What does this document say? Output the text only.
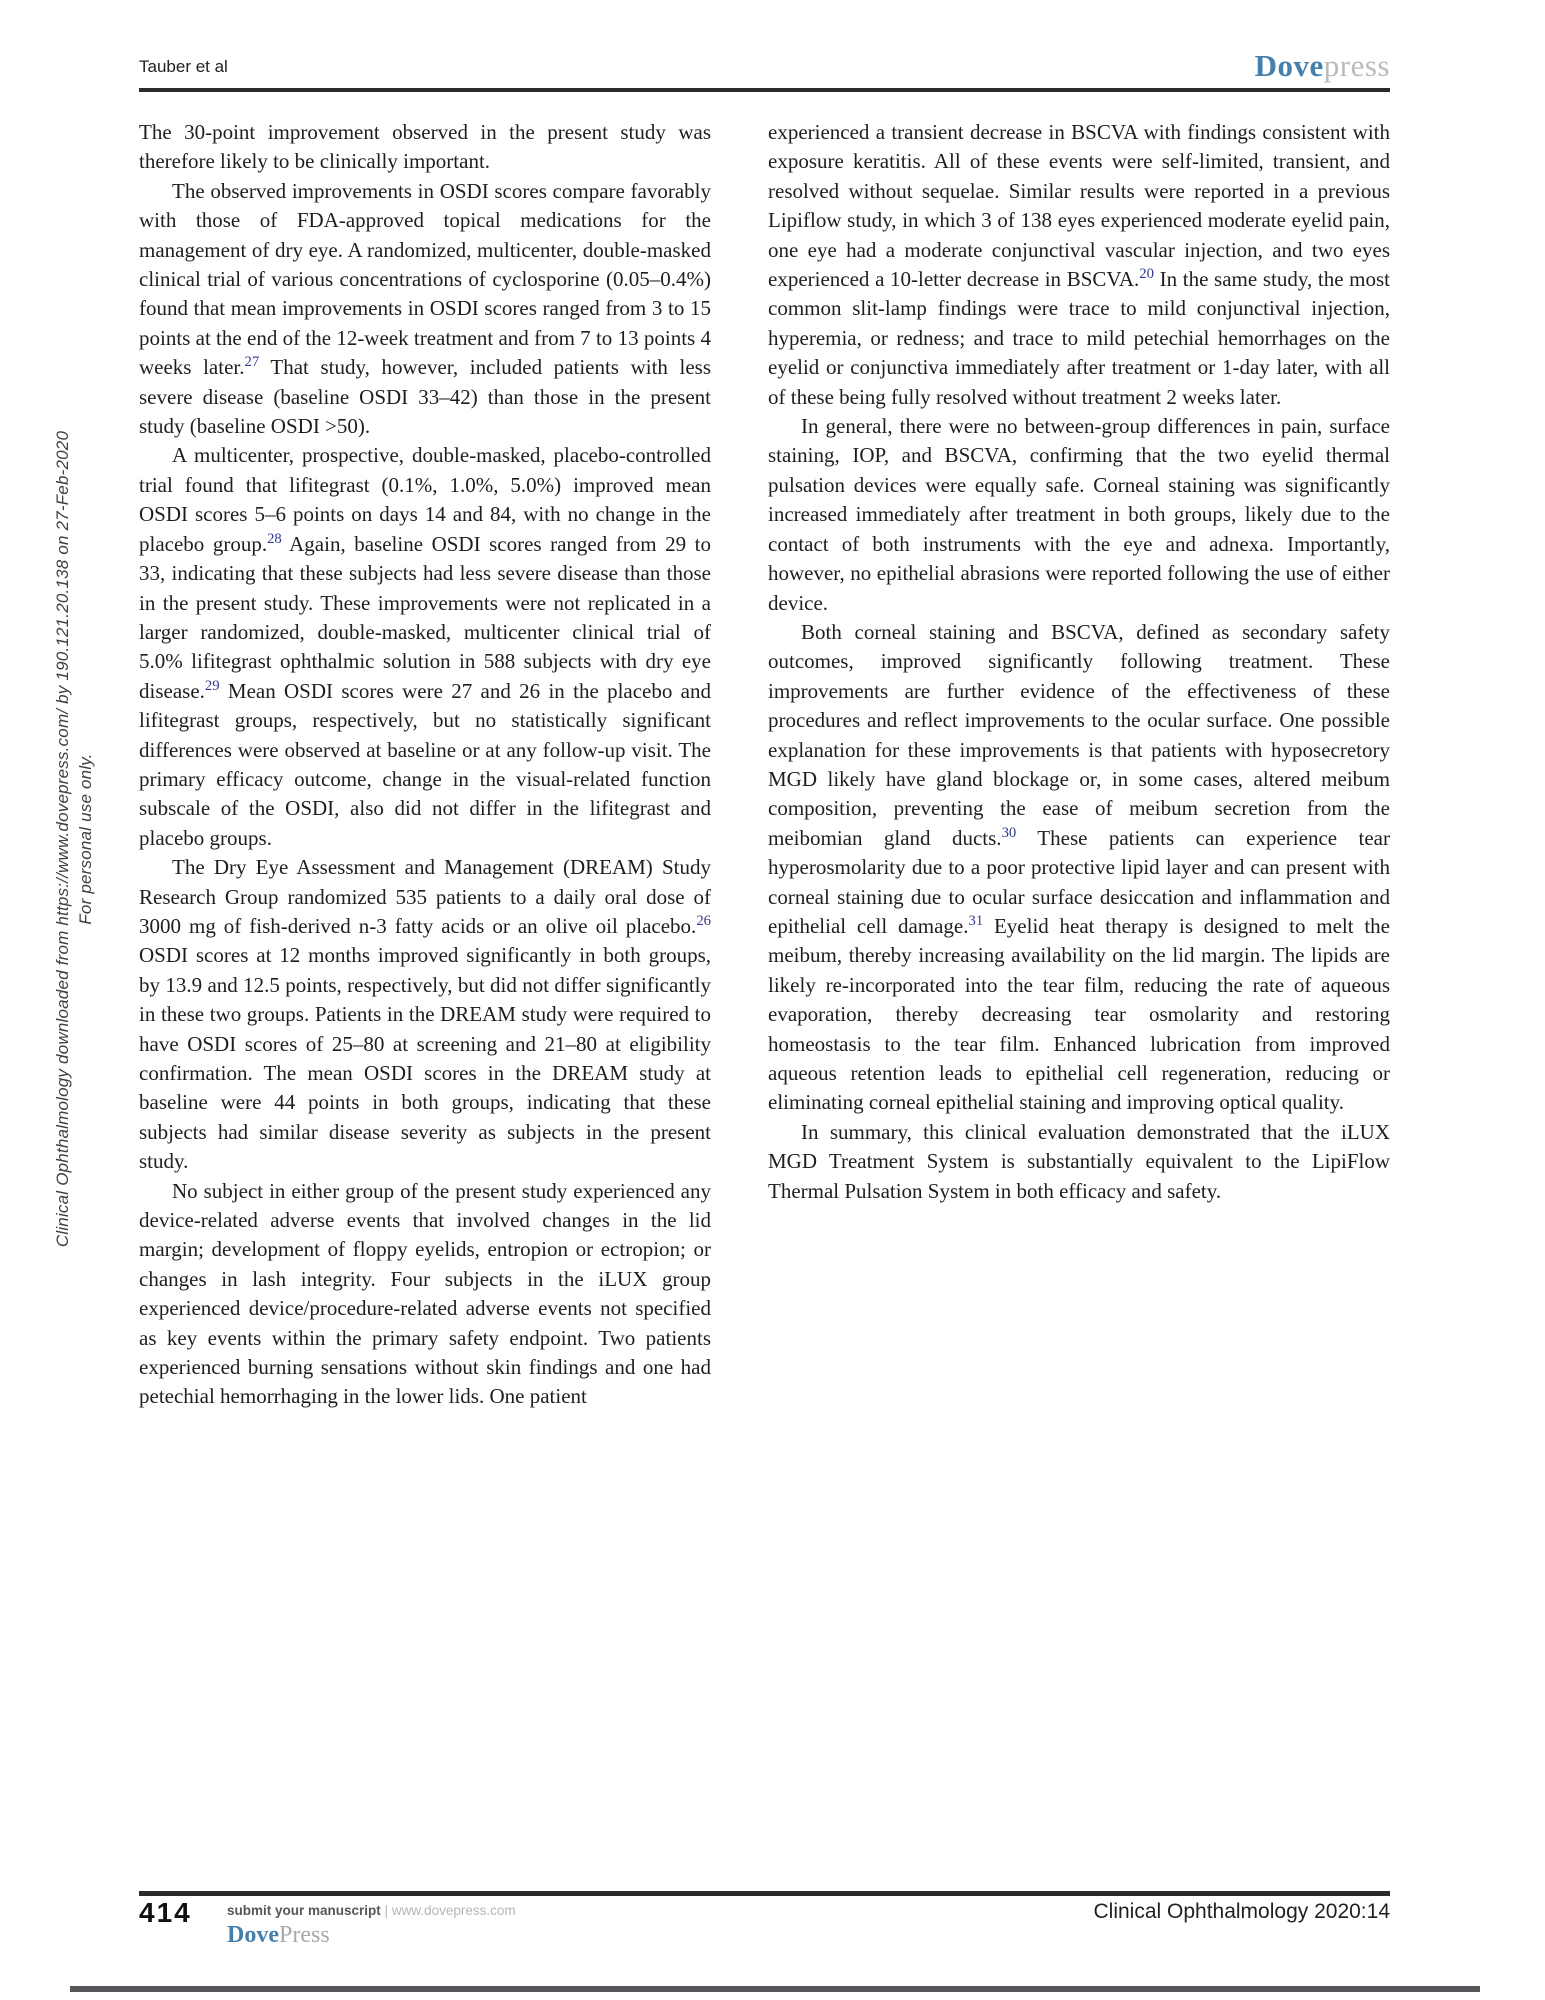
Tauber et al	Dovepress
Clinical Ophthalmology downloaded from https://www.dovepress.com/ by 190.121.20.138 on 27-Feb-2020 For personal use only.

The 30-point improvement observed in the present study was therefore likely to be clinically important.

The observed improvements in OSDI scores compare favorably with those of FDA-approved topical medications for the management of dry eye. A randomized, multicenter, double-masked clinical trial of various concentrations of cyclosporine (0.05–0.4%) found that mean improvements in OSDI scores ranged from 3 to 15 points at the end of the 12-week treatment and from 7 to 13 points 4 weeks later.$^{27}$ That study, however, included patients with less severe disease (baseline OSDI 33–42) than those in the present study (baseline OSDI >50).

A multicenter, prospective, double-masked, placebo-controlled trial found that lifitegrast (0.1%, 1.0%, 5.0%) improved mean OSDI scores 5–6 points on days 14 and 84, with no change in the placebo group.$^{28}$ Again, baseline OSDI scores ranged from 29 to 33, indicating that these subjects had less severe disease than those in the present study. These improvements were not replicated in a larger randomized, double-masked, multicenter clinical trial of 5.0% lifitegrast ophthalmic solution in 588 subjects with dry eye disease.$^{29}$ Mean OSDI scores were 27 and 26 in the placebo and lifitegrast groups, respectively, but no statistically significant differences were observed at baseline or at any follow-up visit. The primary efficacy outcome, change in the visual-related function subscale of the OSDI, also did not differ in the lifitegrast and placebo groups.

The Dry Eye Assessment and Management (DREAM) Study Research Group randomized 535 patients to a daily oral dose of 3000 mg of fish-derived n-3 fatty acids or an olive oil placebo.$^{26}$ OSDI scores at 12 months improved significantly in both groups, by 13.9 and 12.5 points, respectively, but did not differ significantly in these two groups. Patients in the DREAM study were required to have OSDI scores of 25–80 at screening and 21–80 at eligibility confirmation. The mean OSDI scores in the DREAM study at baseline were 44 points in both groups, indicating that these subjects had similar disease severity as subjects in the present study.

No subject in either group of the present study experienced any device-related adverse events that involved changes in the lid margin; development of floppy eyelids, entropion or ectropion; or changes in lash integrity. Four subjects in the iLUX group experienced device/procedure-related adverse events not specified as key events within the primary safety endpoint. Two patients experienced burning sensations without skin findings and one had petechial hemorrhaging in the lower lids. One patient

experienced a transient decrease in BSCVA with findings consistent with exposure keratitis. All of these events were self-limited, transient, and resolved without sequelae. Similar results were reported in a previous Lipiflow study, in which 3 of 138 eyes experienced moderate eyelid pain, one eye had a moderate conjunctival vascular injection, and two eyes experienced a 10-letter decrease in BSCVA.$^{20}$ In the same study, the most common slit-lamp findings were trace to mild conjunctival injection, hyperemia, or redness; and trace to mild petechial hemorrhages on the eyelid or conjunctiva immediately after treatment or 1-day later, with all of these being fully resolved without treatment 2 weeks later.

In general, there were no between-group differences in pain, surface staining, IOP, and BSCVA, confirming that the two eyelid thermal pulsation devices were equally safe. Corneal staining was significantly increased immediately after treatment in both groups, likely due to the contact of both instruments with the eye and adnexa. Importantly, however, no epithelial abrasions were reported following the use of either device.

Both corneal staining and BSCVA, defined as secondary safety outcomes, improved significantly following treatment. These improvements are further evidence of the effectiveness of these procedures and reflect improvements to the ocular surface. One possible explanation for these improvements is that patients with hyposecretory MGD likely have gland blockage or, in some cases, altered meibum composition, preventing the ease of meibum secretion from the meibomian gland ducts.$^{30}$ These patients can experience tear hyperosmolarity due to a poor protective lipid layer and can present with corneal staining due to ocular surface desiccation and inflammation and epithelial cell damage.$^{31}$ Eyelid heat therapy is designed to melt the meibum, thereby increasing availability on the lid margin. The lipids are likely re-incorporated into the tear film, reducing the rate of aqueous evaporation, thereby decreasing tear osmolarity and restoring homeostasis to the tear film. Enhanced lubrication from improved aqueous retention leads to epithelial cell regeneration, reducing or eliminating corneal epithelial staining and improving optical quality.

In summary, this clinical evaluation demonstrated that the iLUX MGD Treatment System is substantially equivalent to the LipiFlow Thermal Pulsation System in both efficacy and safety.

414	submit your manuscript | www.dovepress.com
DovePress
Clinical Ophthalmology 2020:14
